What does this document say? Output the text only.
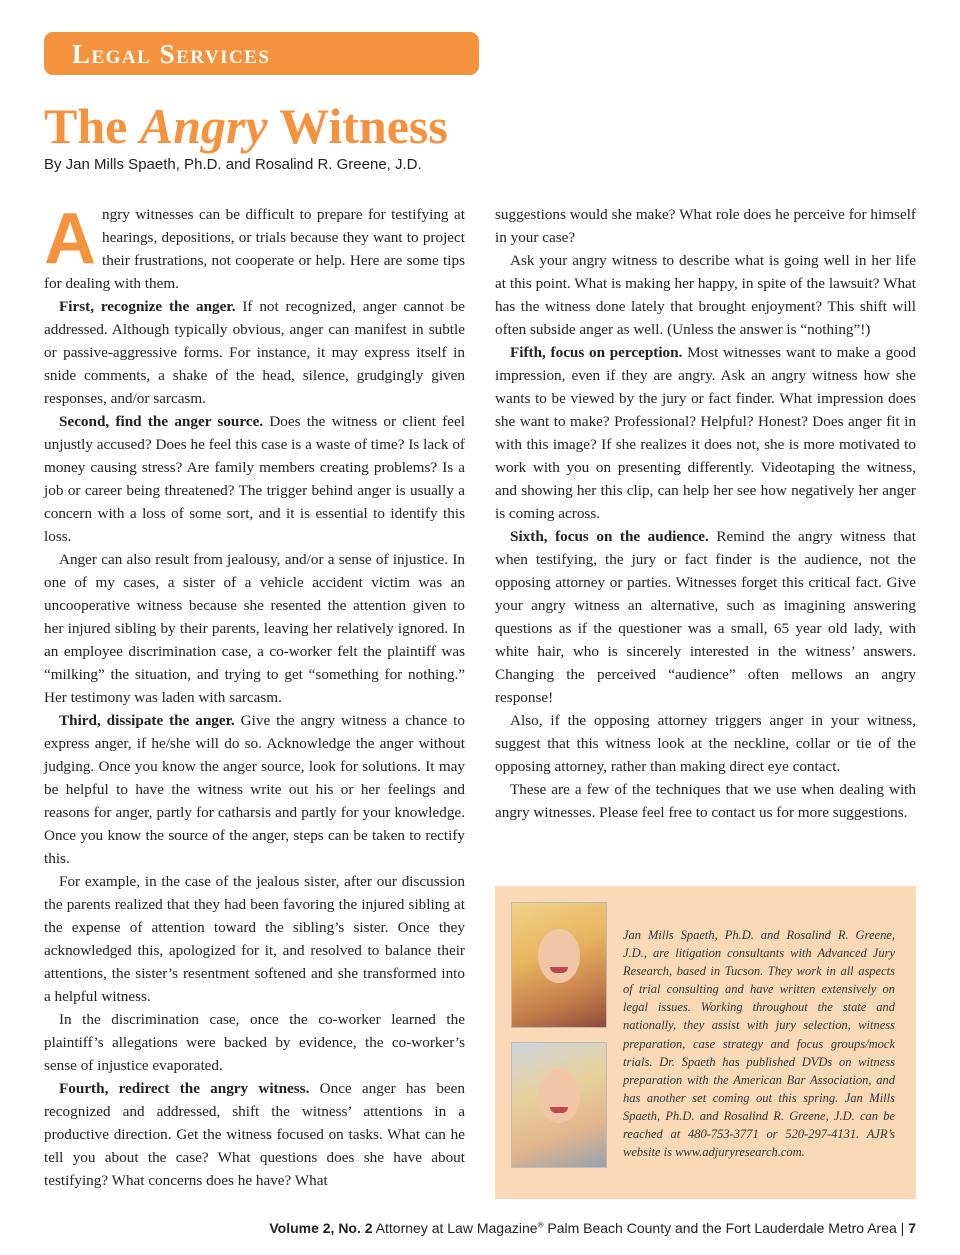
Legal Services
The Angry Witness

By Jan Mills Spaeth, Ph.D. and Rosalind R. Greene, J.D.

Angry witnesses can be difficult to prepare for testifying at hearings, depositions, or trials because they want to project their frustrations, not cooperate or help. Here are some tips for dealing with them.

First, recognize the anger. If not recognized, anger cannot be addressed. Although typically obvious, anger can manifest in subtle or passive-aggressive forms. For instance, it may express itself in snide comments, a shake of the head, silence, grudgingly given responses, and/or sarcasm.

Second, find the anger source. Does the witness or client feel unjustly accused? Does he feel this case is a waste of time? Is lack of money causing stress? Are family members creating problems? Is a job or career being threatened? The trigger behind anger is usually a concern with a loss of some sort, and it is essential to identify this loss.

Anger can also result from jealousy, and/or a sense of injustice. In one of my cases, a sister of a vehicle accident victim was an uncooperative witness because she resented the attention given to her injured sibling by their parents, leaving her relatively ignored. In an employee discrimination case, a co-worker felt the plaintiff was “milking” the situation, and trying to get “something for nothing.” Her testimony was laden with sarcasm.

Third, dissipate the anger. Give the angry witness a chance to express anger, if he/she will do so. Acknowledge the anger without judging. Once you know the anger source, look for solutions. It may be helpful to have the witness write out his or her feelings and reasons for anger, partly for catharsis and partly for your knowledge. Once you know the source of the anger, steps can be taken to rectify this.

For example, in the case of the jealous sister, after our discussion the parents realized that they had been favoring the injured sibling at the expense of attention toward the sibling’s sister. Once they acknowledged this, apologized for it, and resolved to balance their attentions, the sister’s resentment softened and she transformed into a helpful witness.

In the discrimination case, once the co-worker learned the plaintiff’s allegations were backed by evidence, the co-worker’s sense of injustice evaporated.

Fourth, redirect the angry witness. Once anger has been recognized and addressed, shift the witness’ attentions in a productive direction. Get the witness focused on tasks. What can he tell you about the case? What questions does she have about testifying? What concerns does he have? What

suggestions would she make? What role does he perceive for himself in your case?

Ask your angry witness to describe what is going well in her life at this point. What is making her happy, in spite of the lawsuit? What has the witness done lately that brought enjoyment? This shift will often subside anger as well. (Unless the answer is “nothing”!)

Fifth, focus on perception. Most witnesses want to make a good impression, even if they are angry. Ask an angry witness how she wants to be viewed by the jury or fact finder. What impression does she want to make? Professional? Helpful? Honest? Does anger fit in with this image? If she realizes it does not, she is more motivated to work with you on presenting differently. Videotaping the witness, and showing her this clip, can help her see how negatively her anger is coming across.

Sixth, focus on the audience. Remind the angry witness that when testifying, the jury or fact finder is the audience, not the opposing attorney or parties. Witnesses forget this critical fact. Give your angry witness an alternative, such as imagining answering questions as if the questioner was a small, 65 year old lady, with white hair, who is sincerely interested in the witness’ answers. Changing the perceived “audience” often mellows an angry response!

Also, if the opposing attorney triggers anger in your witness, suggest that this witness look at the neckline, collar or tie of the opposing attorney, rather than making direct eye contact.

These are a few of the techniques that we use when dealing with angry witnesses. Please feel free to contact us for more suggestions.

Jan Mills Spaeth, Ph.D. and Rosalind R. Greene, J.D., are litigation consultants with Advanced Jury Research, based in Tucson. They work in all aspects of trial consulting and have written extensively on legal issues. Working throughout the state and nationally, they assist with jury selection, witness preparation, case strategy and focus groups/mock trials. Dr. Spaeth has published DVDs on witness preparation with the American Bar Association, and has another set coming out this spring. Jan Mills Spaeth, Ph.D. and Rosalind R. Greene, J.D. can be reached at 480-753-3771 or 520-297-4131. AJR’s website is www.adjuryresearch.com.

Volume 2, No. 2 Attorney at Law Magazine® Palm Beach County and the Fort Lauderdale Metro Area | 7
